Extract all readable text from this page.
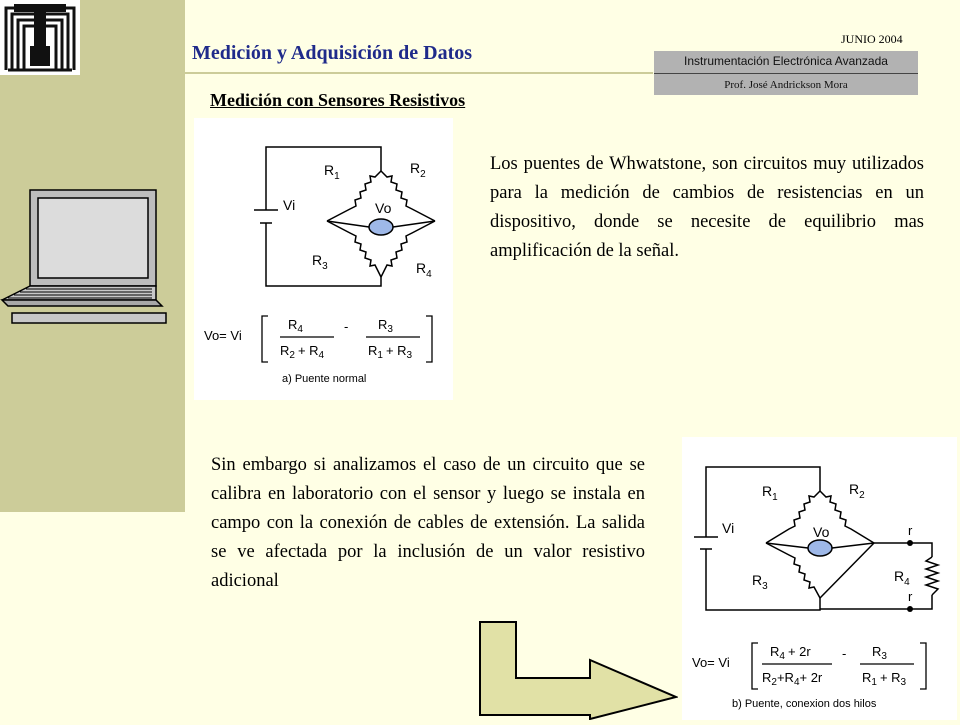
Medición y Adquisición de Datos
JUNIO 2004
Instrumentación Electrónica Avanzada
Prof. José Andrickson Mora
Medición con Sensores Resistivos
Vi	Vo
$R_1$
$R_2$
$R_3$	$R_4$
Vo= Vi
$R_4$
$R_2 + R_4$
- $R_3$
$R_1 + R_3$
a) Puente normal
Los puentes de Whwatstone, son circuitos muy utilizados para la medición de cambios de resistencias en un dispositivo, donde se necesite de equilibrio mas amplificación de la señal.
Sin embargo si analizamos el caso de un circuito que se calibra en laboratorio con el sensor y luego se instala en campo con la conexión de cables de extensión. La salida se ve afectada por la inclusión de un valor resistivo adicional
Vi	Vo
$R_1$
$R_2$
$R_3$
$R_4$
r
r
Vo= Vi
$R_4 + 2r$
$R_2+R_4+ 2r$
- $R_3$
$R_1 + R_3$
b) Puente, conexion dos hilos
